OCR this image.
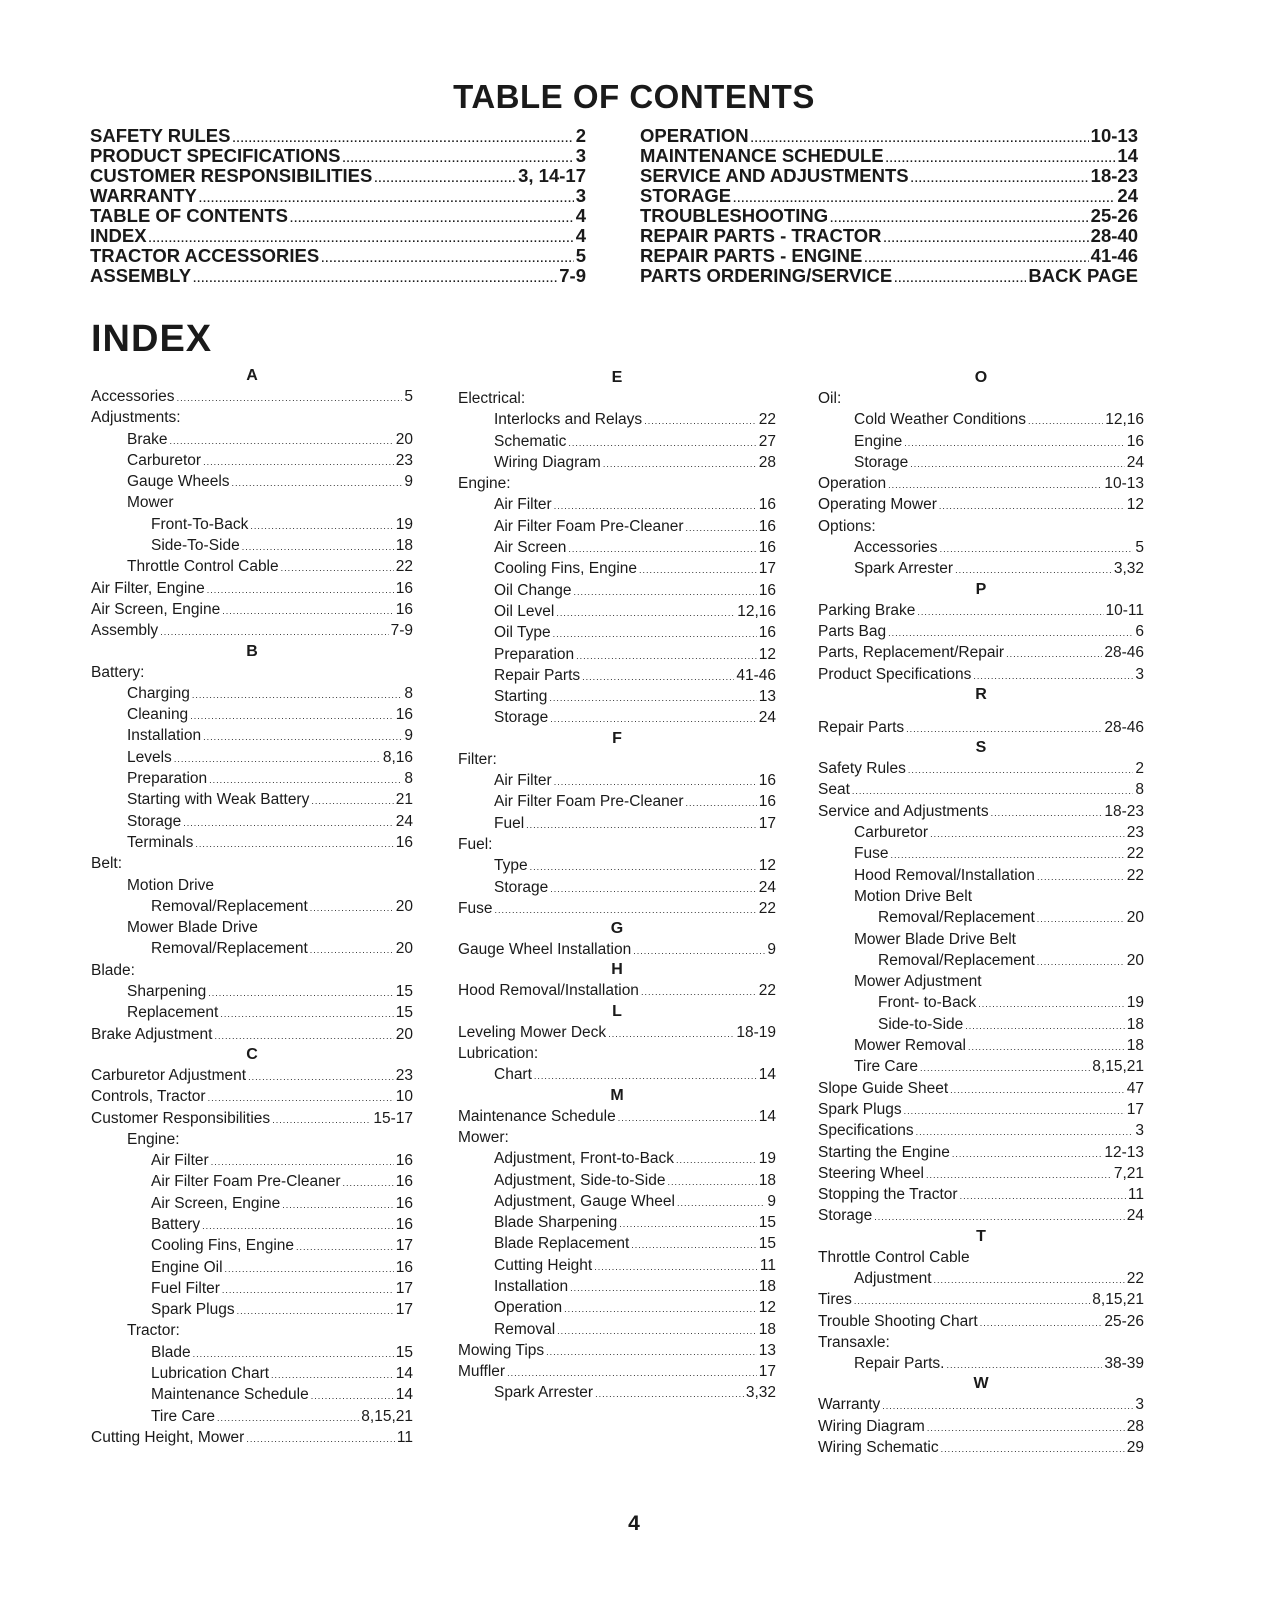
TABLE OF CONTENTS
SAFETY RULES .....	2
PRODUCT SPECIFICATIONS .....	3
CUSTOMER RESPONSIBILITIES .....	3, 14-17
WARRANTY .....	3
TABLE OF CONTENTS .....	4
INDEX .....	4
TRACTOR ACCESSORIES .....	5
ASSEMBLY .....	7-9
OPERATION .....	10-13
MAINTENANCE SCHEDULE .....	14
SERVICE AND ADJUSTMENTS .....	18-23
STORAGE .....	24
TROUBLESHOOTING .....	25-26
REPAIR PARTS - TRACTOR .....	28-40
REPAIR PARTS - ENGINE .....	41-46
PARTS ORDERING/SERVICE .....	BACK PAGE
INDEX
A
Accessories .....	5
Adjustments:
Brake .....	20
Carburetor .....	23
Gauge Wheels .....	9
Mower
Front-To-Back .....	19
Side-To-Side .....	18
Throttle Control Cable .....	22
Air Filter, Engine .....	16
Air Screen, Engine .....	16
Assembly .....	7-9
B
Battery:
Charging .....	8
Cleaning .....	16
Installation .....	9
Levels .....	8,16
Preparation .....	8
Starting with Weak Battery .....	21
Storage .....	24
Terminals .....	16
Belt:
Motion Drive
Removal/Replacement .....	20
Mower Blade Drive
Removal/Replacement .....	20
Blade:
Sharpening .....	15
Replacement .....	15
Brake Adjustment .....	20
C
Carburetor Adjustment .....	23
Controls, Tractor .....	10
Customer Responsibilities .....	15-17
Engine:
Air Filter .....	16
Air Filter Foam Pre-Cleaner .....	16
Air Screen, Engine .....	16
Battery .....	16
Cooling Fins, Engine .....	17
Engine Oil .....	16
Fuel Filter .....	17
Spark Plugs .....	17
Tractor:
Blade .....	15
Lubrication Chart .....	14
Maintenance Schedule .....	14
Tire Care .....	8,15,21
Cutting Height, Mower .....	11
E
Electrical:
Interlocks and Relays .....	22
Schematic .....	27
Wiring Diagram .....	28
Engine:
Air Filter .....	16
Air Filter Foam Pre-Cleaner .....	16
Air Screen .....	16
Cooling Fins, Engine .....	17
Oil Change .....	16
Oil Level .....	12,16
Oil Type .....	16
Preparation .....	12
Repair Parts .....	41-46
Starting .....	13
Storage .....	24
F
Filter:
Air Filter .....	16
Air Filter Foam Pre-Cleaner .....	16
Fuel .....	17
Fuel:
Type .....	12
Storage .....	24
Fuse .....	22
G
Gauge Wheel Installation .....	9
H
Hood Removal/Installation .....	22
L
Leveling Mower Deck .....	18-19
Lubrication:
Chart .....	14
M
Maintenance Schedule .....	14
Mower:
Adjustment, Front-to-Back .....	19
Adjustment, Side-to-Side .....	18
Adjustment, Gauge Wheel .....	9
Blade Sharpening .....	15
Blade Replacement .....	15
Cutting Height .....	11
Installation .....	18
Operation .....	12
Removal .....	18
Mowing Tips .....	13
Muffler .....	17
Spark Arrester .....	3,32
O
Oil:
Cold Weather Conditions .....	12,16
Engine .....	16
Storage .....	24
Operation .....	10-13
Operating Mower .....	12
Options:
Accessories .....	5
Spark Arrester .....	3,32
P
Parking Brake .....	10-11
Parts Bag .....	6
Parts, Replacement/Repair .....	28-46
Product Specifications .....	3
R
Repair Parts .....	28-46
S
Safety Rules .....	2
Seat .....	8
Service and Adjustments .....	18-23
Carburetor .....	23
Fuse .....	22
Hood Removal/Installation .....	22
Motion Drive Belt
Removal/Replacement .....	20
Mower Blade Drive Belt
Removal/Replacement .....	20
Mower Adjustment
Front- to-Back .....	19
Side-to-Side .....	18
Mower Removal .....	18
Tire Care .....	8,15,21
Slope Guide Sheet .....	47
Spark Plugs .....	17
Specifications .....	3
Starting the Engine .....	12-13
Steering Wheel .....	7,21
Stopping the Tractor .....	11
Storage .....	24
T
Throttle Control Cable
Adjustment .....	22
Tires .....	8,15,21
Trouble Shooting Chart .....	25-26
Transaxle:
Repair Parts. .....	38-39
W
Warranty .....	3
Wiring Diagram .....	28
Wiring Schematic .....	29
4
